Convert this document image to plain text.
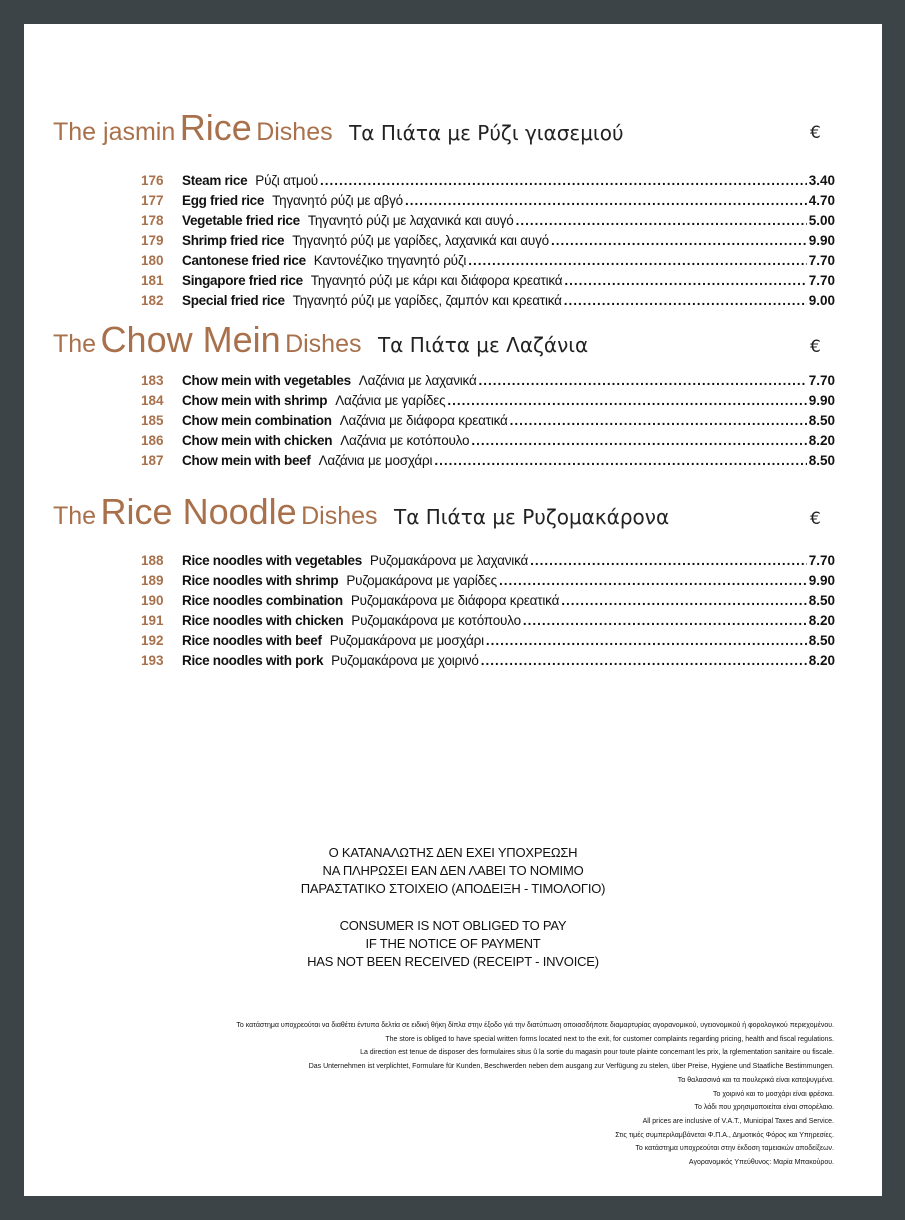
The jasmin Rice Dishes Τα Πιάτα με Ρύζι γιασεμιού	€
176	Steam rice Ρύζι ατμού .....	3.40
177	Egg fried rice Τηγανητό ρύζι με αβγό .....	4.70
178	Vegetable fried rice Τηγανητό ρύζι με λαχανικά και αυγό .....	5.00
179	Shrimp fried rice Τηγανητό ρύζι με γαρίδες, λαχανικά και αυγό .....	9.90
180	Cantonese fried rice Καντονέζικο τηγανητό ρύζι .....	7.70
181	Singapore fried rice Τηγανητό ρύζι με κάρι και διάφορα κρεατικά .....	7.70
182	Special fried rice Τηγανητό ρύζι με γαρίδες, ζαμπόν και κρεατικά .....	9.00
The Chow Mein Dishes Τα Πιάτα με Λαζάνια	€
183	Chow mein with vegetables Λαζάνια με λαχανικά .....	7.70
184	Chow mein with shrimp Λαζάνια με γαρίδες .....	9.90
185	Chow mein combination Λαζάνια με διάφορα κρεατικά .....	8.50
186	Chow mein with chicken Λαζάνια με κοτόπουλο .....	8.20
187	Chow mein with beef Λαζάνια με μοσχάρι .....	8.50
The Rice Noodle Dishes Τα Πιάτα με Ρυζομακάρονα	€
188	Rice noodles with vegetables Ρυζομακάρονα με λαχανικά .....	7.70
189	Rice noodles with shrimp Ρυζομακάρονα με γαρίδες .....	9.90
190	Rice noodles combination Ρυζομακάρονα με διάφορα κρεατικά .....	8.50
191	Rice noodles with chicken Ρυζομακάρονα με κοτόπουλο .....	8.20
192	Rice noodles with beef Ρυζομακάρονα με μοσχάρι .....	8.50
193	Rice noodles with pork Ρυζομακάρονα με χοιρινό .....	8.20
Ο ΚΑΤΑΝΑΛΩΤΗΣ ΔΕΝ ΕΧΕΙ ΥΠΟΧΡΕΩΣΗ
ΝΑ ΠΛΗΡΩΣΕΙ ΕΑΝ ΔΕΝ ΛΑΒΕΙ ΤΟ ΝΟΜΙΜΟ
ΠΑΡΑΣΤΑΤΙΚΟ ΣΤΟΙΧΕΙΟ (ΑΠΟΔΕΙΞΗ - ΤΙΜΟΛΟΓΙΟ)
CONSUMER IS NOT OBLIGED TO PAY
IF THE NOTICE OF PAYMENT
HAS NOT BEEN RECEIVED (RECEIPT - INVOICE)
Το κατάστημα υποχρεούται να διαθέτει έντυπα δελτία σε ειδική θήκη δίπλα στην έξοδο γιά την διατύπωση οποιασδήποτε διαμαρτυρίας αγορανομικού, υγειονομικού ή φορολογικού περιεχομένου.
The store is obliged to have special written forms located next to the exit, for customer complaints regarding pricing, health and fiscal regulations.
La direction est tenue de disposer des formulaires situs û la sortie du magasin pour toute plainte concernant les prix, la rglementation sanitaire ou fiscale.
Das Unternehmen ist verplichtet, Formulare für Kunden, Beschwerden neben dem ausgang zur Verfügung zu stelen, über Preise, Hygiene und Staatliche Bestimmungen.
Τα θαλασσινά και τα πουλερικά είναι κατεψυγμένα.
Το χοιρινό και το μοσχάρι είναι φρέσκα.
Το λάδι που χρησιμοποιείται είναι σπορέλαιο.
All prices are inclusive of V.A.T., Municipal Taxes and Service.
Στις τιμές συμπεριλαμβάνεται Φ.Π.Α., Δημοτικός Φόρος και Υπηρεσίες.
Το κατάστημα υποχρεούται στην έκδοση ταμειακών αποδείξεων.
Αγορανομικός Υπεύθυνος: Μαρία Μπακούρου.
